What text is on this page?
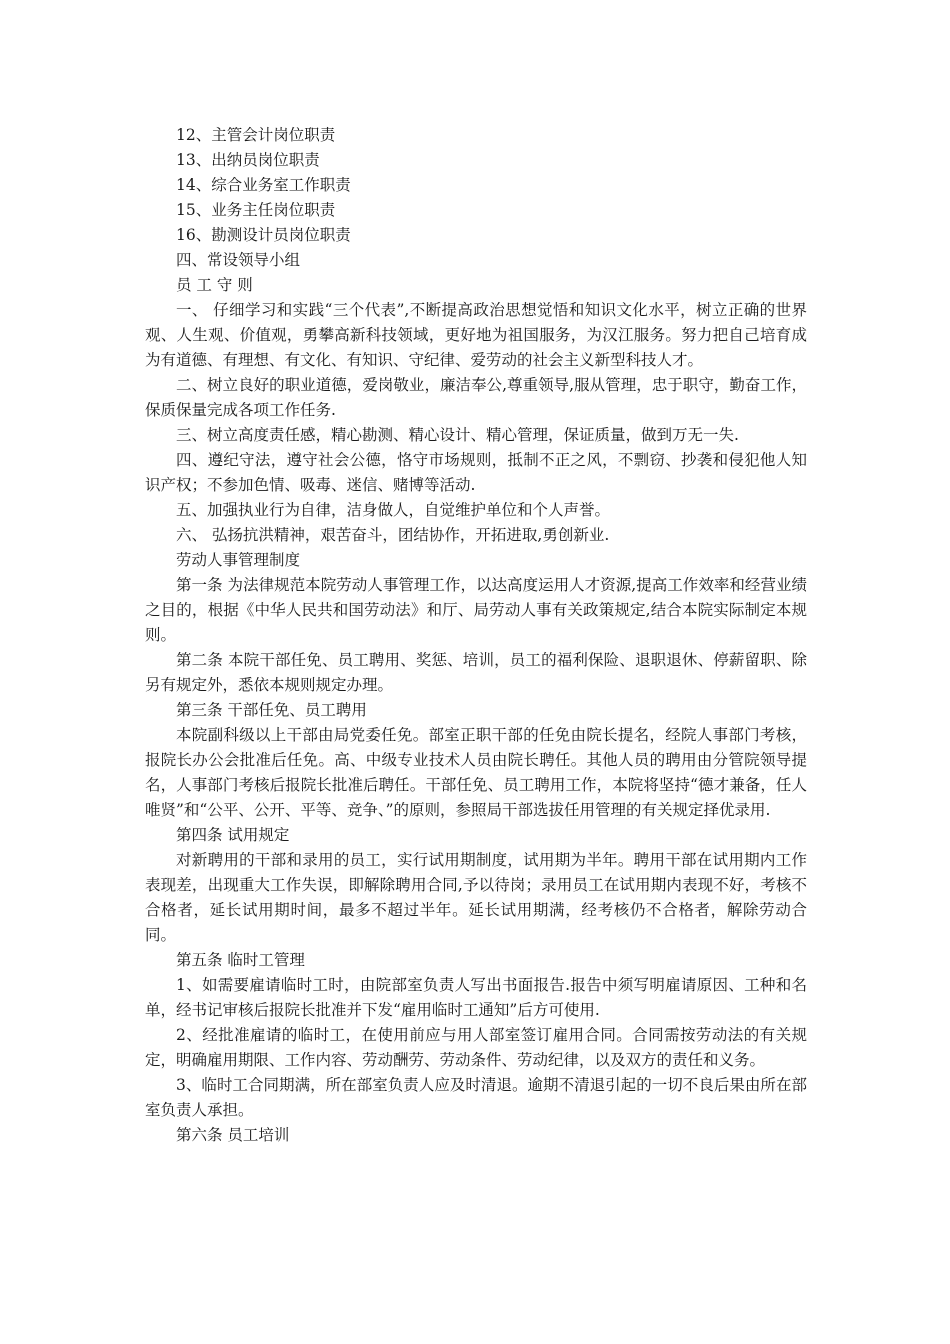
12、主管会计岗位职责

13、出纳员岗位职责

14、综合业务室工作职责

15、业务主任岗位职责

16、勘测设计员岗位职责

四、常设领导小组

员 工 守 则

一、 仔细学习和实践“三个代表”,不断提高政治思想觉悟和知识文化水平，树立正确的世界观、人生观、价值观，勇攀高新科技领域，更好地为祖国服务，为汉江服务。努力把自己培育成为有道德、有理想、有文化、有知识、守纪律、爱劳动的社会主义新型科技人才。

二、树立良好的职业道德，爱岗敬业，廉洁奉公,尊重领导,服从管理，忠于职守，勤奋工作，保质保量完成各项工作任务.

三、树立高度责任感，精心勘测、精心设计、精心管理，保证质量，做到万无一失.

四、遵纪守法，遵守社会公德，恪守市场规则，抵制不正之风，不剽窃、抄袭和侵犯他人知识产权；不参加色情、吸毒、迷信、赌博等活动.

五、加强执业行为自律，洁身做人，自觉维护单位和个人声誉。

六、 弘扬抗洪精神，艰苦奋斗，团结协作，开拓进取,勇创新业.

劳动人事管理制度

第一条 为法律规范本院劳动人事管理工作，以达高度运用人才资源,提高工作效率和经营业绩之目的，根据《中华人民共和国劳动法》和厅、局劳动人事有关政策规定,结合本院实际制定本规则。

第二条 本院干部任免、员工聘用、奖惩、培训，员工的福利保险、退职退休、停薪留职、除另有规定外，悉依本规则规定办理。

第三条 干部任免、员工聘用

本院副科级以上干部由局党委任免。部室正职干部的任免由院长提名，经院人事部门考核，报院长办公会批准后任免。高、中级专业技术人员由院长聘任。其他人员的聘用由分管院领导提名，人事部门考核后报院长批准后聘任。干部任免、员工聘用工作，本院将坚持“德才兼备，任人唯贤”和“公平、公开、平等、竞争、”的原则，参照局干部选拔任用管理的有关规定择优录用.

第四条 试用规定

对新聘用的干部和录用的员工，实行试用期制度，试用期为半年。聘用干部在试用期内工作表现差，出现重大工作失误，即解除聘用合同,予以待岗；录用员工在试用期内表现不好，考核不合格者，延长试用期时间，最多不超过半年。延长试用期满，经考核仍不合格者，解除劳动合同。

第五条 临时工管理

1、如需要雇请临时工时，由院部室负责人写出书面报告.报告中须写明雇请原因、工种和名单，经书记审核后报院长批准并下发“雇用临时工通知”后方可使用.

2、经批准雇请的临时工，在使用前应与用人部室签订雇用合同。合同需按劳动法的有关规定，明确雇用期限、工作内容、劳动酬劳、劳动条件、劳动纪律，以及双方的责任和义务。

3、临时工合同期满，所在部室负责人应及时清退。逾期不清退引起的一切不良后果由所在部室负责人承担。

第六条 员工培训
